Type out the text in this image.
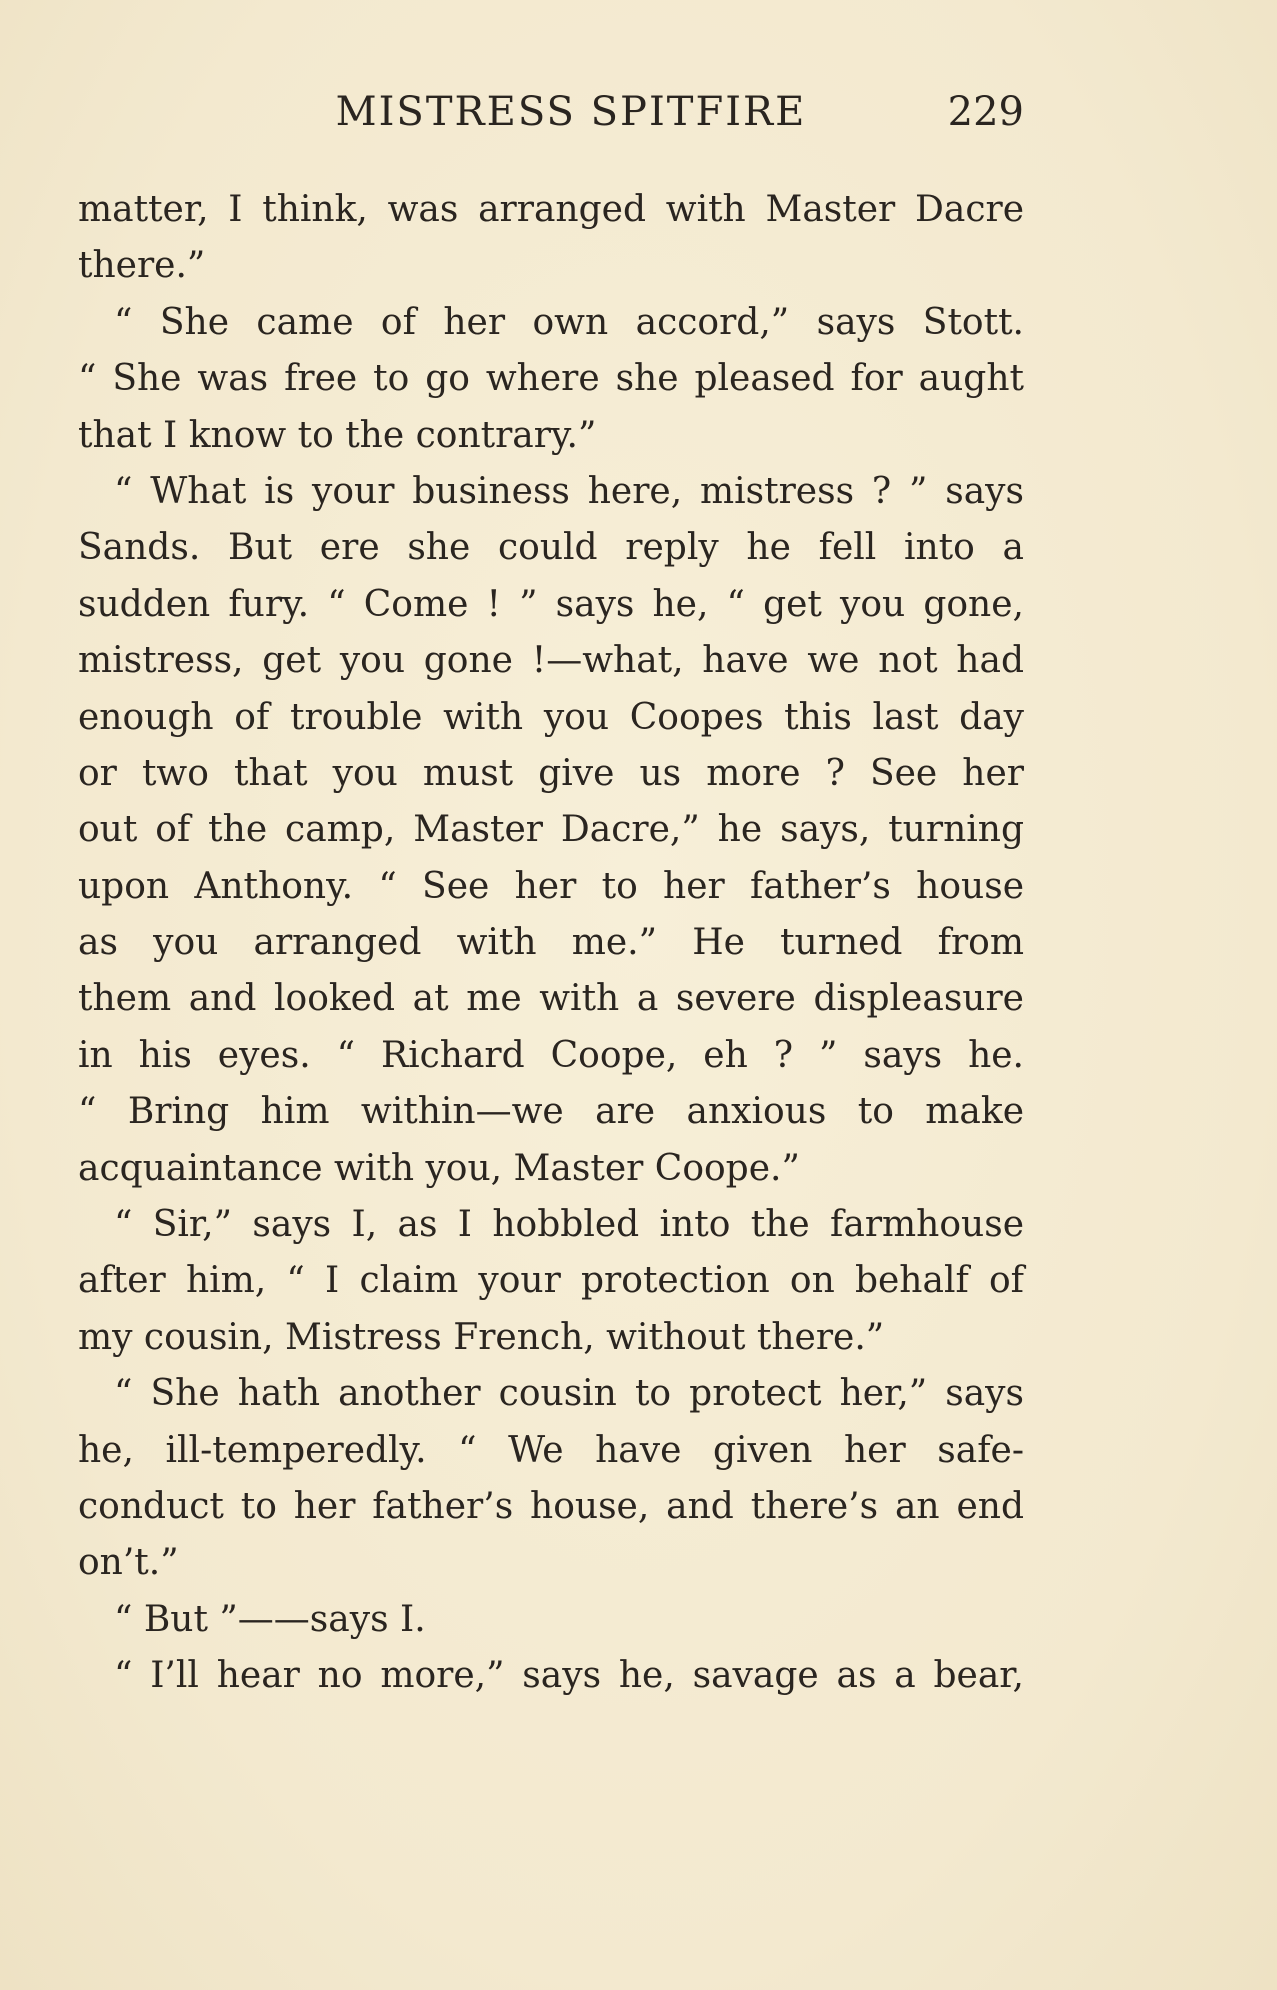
MISTRESS SPITFIRE	229
matter, I think, was arranged with Master Dacre
there.”
“ She came of her own accord,” says Stott.
“ She was free to go where she pleased for aught
that I know to the contrary.”
“ What is your business here, mistress ? ” says
Sands. But ere she could reply he fell into a
sudden fury. “ Come ! ” says he, “ get you gone,
mistress, get you gone !—what, have we not had
enough of trouble with you Coopes this last day
or two that you must give us more ? See her
out of the camp, Master Dacre,” he says, turning
upon Anthony. “ See her to her father’s house
as you arranged with me.” He turned from
them and looked at me with a severe displeasure
in his eyes. “ Richard Coope, eh ? ” says he.
“ Bring him within—we are anxious to make
acquaintance with you, Master Coope.”
“ Sir,” says I, as I hobbled into the farmhouse
after him, “ I claim your protection on behalf of
my cousin, Mistress French, without there.”
“ She hath another cousin to protect her,” says
he, ill-temperedly. “ We have given her safe-
conduct to her father’s house, and there’s an end
on’t.”
“ But ”——says I.
“ I’ll hear no more,” says he, savage as a bear,
